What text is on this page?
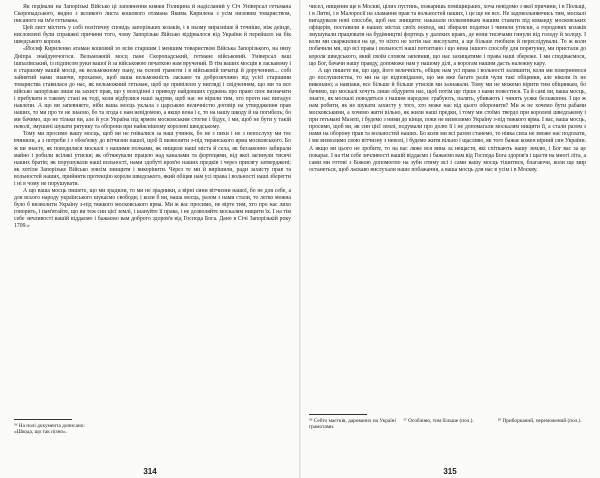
Як подівали на Запорізькі Військо ці заповнення княжя Голицина й надісланий у Січ Універсал гетьмана Скоропадського, видно з великого листа кошового отамана Якима Кирилена з усім низовим товариством, писаного на ім'я гетьмана.

Цей лист містить у собі політичну сповідь запорізьких козаків, і в ньому виразніше й точніше, ніж деінде, висловлені були справжні причини того, чому Запорізьке Військо відірвалося від України й перейшло на бік шведського короля.

«Йосиф Кириленко атаман кошовий зо всім старшим і меншим товариством Війська Запорізького, на низу Дніпра знайдуючогося. Вельможній мосц пане Скоропадський, гетмане військовий. Універсал ваш ішпалівський, із підписом руки вашої й за військовою печаткою нам вручений. В тім ваших мосців в ласкавому і в старшому вашій мосці, як вельможному пану, на основі грамоти і в військовій печатці й дорученнях... собі зайнятий нами знаючи, прохаемо, щоб ваша вельможність ласкаво та доброзичливо від усієї старшини товариства ставилася до нас, як вельможний гетьман, щоб це привілеєм у вигляді і свідченням, що ми та все військо запорізьке лише на захист прав, що у володінні з приводу найдовших суджень про право своє визначати і пребувати в такому стані як тоді, коли відбулися наші задуми, щоб нас не вірили тим, хто проти нас вигадує наклепи. А що ви запевняєте, ніби ваша мосць уклала з царською величністю договір на утвердження прав наших, то ми про те не знаємо, бо та згода є нам невідомою, а якщо вона і є, то на нашу шкоду й на погибель; бо ми бачимо, що не тільки ви, але й уся Україна під ярмом московським стогне і бідує, і ми, щоб не бути у такій неволі, змушені шукати рятунку та оборони при найяснішому королеві шведському.

Тому ми просимо вашу мосць, щоб ви не гнівалися за наш учинок, бо не з пихи і не з непослуху ми теє вчинили, а з потреби і з обов'язку до вітчизни нашої, щоб її визволити з-під тиранського ярма московського. Бо ж ви знаєте, як поводилися москалі з нашими полками, як нищили наші міста й села, як беззаконно забирали майно і робили всілякі утиски; як обтяжували працею над каналами та фортецями, від якої загинули тисячі наших братів; як порушували наші вольності, нами здобуті кров'ю наших предків і через присягу затверджені; як хотіли Запорізьке Військо зовсім знищити і викорінити. Через те ми й вирішили, ради захисту прав та вольностей наших, прийняти протекцію короля шведського, який обіцяв нам усі права і вольності наші зберегти і ні в чому не порушувати.

А що ваша мосць пишете, що ми зрадили, то ми не зрадники, а вірні сини вітчизни нашої, бо не для себе, а для всього народу українського шукаємо свободи; і коли б ви, ваша мосць, разом з нами стали, то легко можна було б визволити Україну з-під тяжкого московського ярма. Ми ж вас просимо, не вірте тим, хто про нас лихо говорить, і пам'ятайте, що ви теж син цієї землі, і шануйте її права, і не дозволяйте москалям нищити їх. І на тім себе зичливості вашій віддаємо і бажаємо вам доброго здоров'я від Господа Бога. Дано в Січі Запорізькій року 1709.»

²⁶ На полі документа дописано: «Шкода, що так пізно».
314

чисел, нищення ще в Москві, цілих пустинь, пожаришь поміщицьких, хоча невідомо з якої причини, і в Польщі, і в Литві, і в Малоросії на зламання прав та вольностей наших, і це ще не все. Не задовольняючись тим, москалі вигадували нові способи, щоб нас знищити: наказали полковникам нашим ставати під команду московських офіцерів, поставили в наших містах своїх воєвод, які збирали податки і чинили утиски, а городових козаків змушували працювати на будівництві фортець у далеких краях, де вони тисячами гинули від голоду й холоду. І коли ми скаржилися на це, то ніхто не хотів нас вислухати, а ще більше гнобили й переслідували. То ж коли побачили ми, що всі права і вольності наші потоптано і що нема іншого способу для порятунку, ми пристали до короля шведського, який своїм словом запевнив, що нас захищатиме і права наші збереже. І ми сподіваємося, що Бог, бачачи нашу правду, допоможе нам у нашому ділі, а ворогам нашим дасть належну кару.

А що пишете ви, що цар, його величність, обіцяє нам усі права і вольності залишити, коли ми повернемося до послушенства, то ми на це відповідаємо, що ми вже багато разів чули такі обіцянки, але ніколи їх не виконано; а навпаки, все більше й більше утисків ми зазнавали. Тому ми не можемо вірити тим обіцянкам, бо бачимо, що москалі хочуть лише обдурити нас, щоб потім ще гірше з нами повестися. Та й самі ви, ваша мосць, знаєте, як москалі поводяться з нашим народом: грабують, палять, убивають і чинять усяке беззаконня. І що ж нам робити, як не шукати захисту у того, хто може нас від цього оборонити? Ми ж не хочемо бути рабами московськими, а хочемо жити вільно, як жили наші предки, і тому ми стоїмо твердо при королеві шведському і при гетьмані Мазепі, і будемо з ними до кінця, поки не визволимо Україну з-під тяжкого ярма. І вас, ваша мосць, просимо, щоб ви, як син цієї землі, подумали про долю її і не допомагали москалям нищити її, а стали разом з нами на оборону прав та вольностей наших. Бо коли ми всі разом станемо, то ніяка сила не зможе нас подолати, і ми визволимо свою вітчизну з неволі, і будемо жити вільно і щасливо, як того бажає кожен вірний син України. А якщо ви цього не зробите, то на вас ляже вся вина за нещастя, які спіткають нашу землю, і Бог вас за це покарає. І на тім себе зичливості вашій віддаємо і бажаємо вам від Господа Бога здоров'я і щастя на многі літа, а сами ми готові з Божою допомогою на зуби отиму всі і сами вашу мосць тішитися, благаючи, коли ще мир останеться, щоб ласкаво вислухали наше побажання, а ваша мосць для нас в усім і в Москву.

²⁶ Себто маєтків, дарованих на Україні грамотами.
²⁷ Особливо, тим більше (пол.).	²⁸ Приборканий, переможений (пол.).
315
